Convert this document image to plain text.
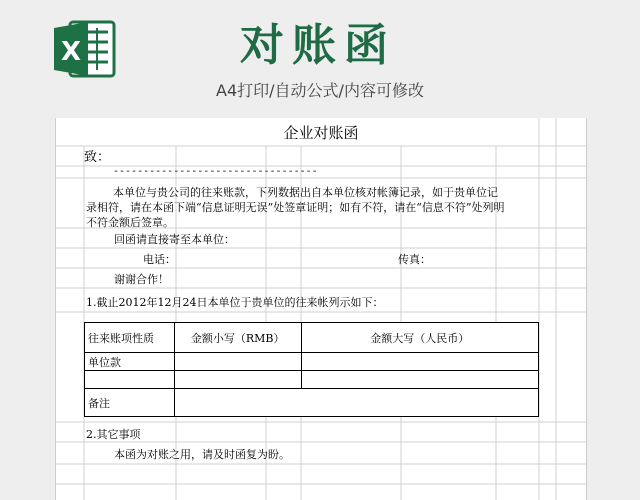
X	对账函
A4打印/自动公式/内容可修改
企业对账函
致：
----------------------------------
本单位与贵公司的往来账款，下列数据出自本单位核对帐簿记录，如于贵单位记录相符，请在本函下端“信息证明无误”处签章证明；如有不符，请在“信息不符”处列明不符金额后签章。
回函请直接寄至本单位：
电话：	传真：
谢谢合作！
1.截止2012年12月24日本单位于贵单位的往来帐列示如下：
往来账项性质	金额小写（RMB）	金额大写（人民币）
单位款		

备注		
2.其它事项
本函为对账之用，请及时函复为盼。
